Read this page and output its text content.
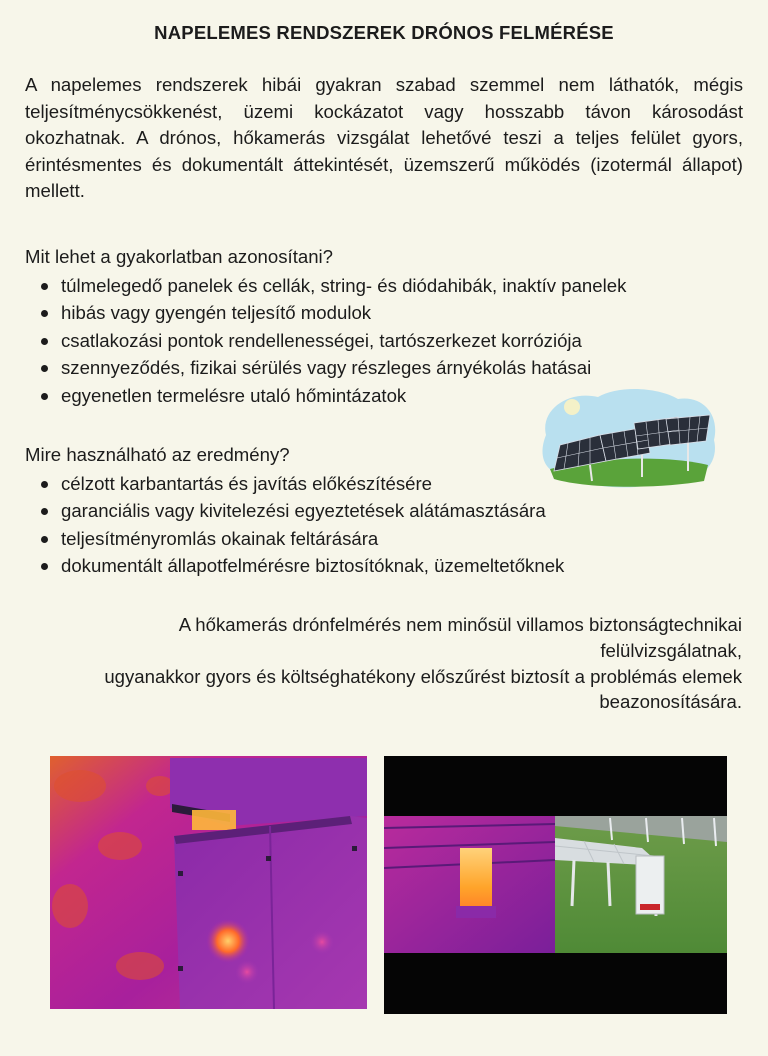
NAPELEMES RENDSZEREK DRÓNOS FELMÉRÉSE

A napelemes rendszerek hibái gyakran szabad szemmel nem láthatók, mégis teljesítménycsökkenést, üzemi kockázatot vagy hosszabb távon károsodást okozhatnak. A drónos, hőkamerás vizsgálat lehetővé teszi a teljes felület gyors, érintésmentes és dokumentált áttekintését, üzemszerű működés (izotermál állapot) mellett.

Mit lehet a gyakorlatban azonosítani?
túlmelegedő panelek és cellák, string- és diódahibák, inaktív panelek
hibás vagy gyengén teljesítő modulok
csatlakozási pontok rendellenességei, tartószerkezet korróziója
szennyeződés, fizikai sérülés vagy részleges árnyékolás hatásai
egyenetlen termelésre utaló hőmintázatok
Mire használható az eredmény?
célzott karbantartás és javítás előkészítésére
garanciális vagy kivitelezési egyeztetések alátámasztására
teljesítményromlás okainak feltárására
dokumentált állapotfelmérésre biztosítóknak, üzemeltetőknek
A hőkamerás drónfelmérés nem minősül villamos biztonságtechnikai felülvizsgálatnak,
ugyanakkor gyors és költséghatékony előszűrést biztosít a problémás elemek beazonosítására.
